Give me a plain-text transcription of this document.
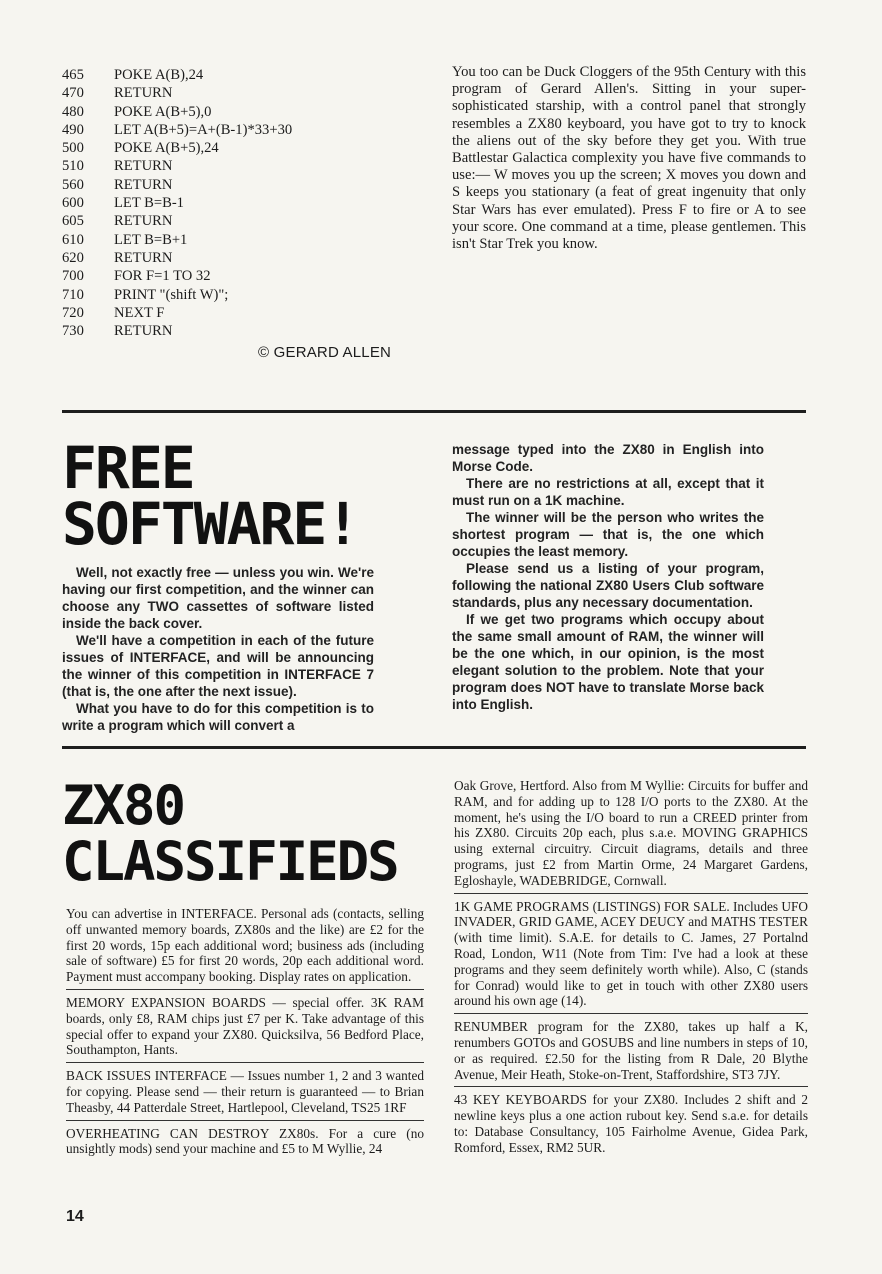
465	POKE A(B),24
470	RETURN
480	POKE A(B+5),0
490	LET A(B+5)=A+(B-1)*33+30
500	POKE A(B+5),24
510	RETURN
560	RETURN
600	LET B=B-1
605	RETURN
610	LET B=B+1
620	RETURN
700	FOR F=1 TO 32
710	PRINT "(shift W)";
720	NEXT F
730	RETURN
© GERARD ALLEN

You too can be Duck Cloggers of the 95th Century with this program of Gerard Allen's. Sitting in your super-sophisticated starship, with a control panel that strongly resembles a ZX80 keyboard, you have got to try to knock the aliens out of the sky before they get you. With true Battlestar Galactica complexity you have five commands to use:— W moves you up the screen; X moves you down and S keeps you stationary (a feat of great ingenuity that only Star Wars has ever emulated). Press F to fire or A to see your score. One command at a time, please gentlemen. This isn't Star Trek you know.

FREE
SOFTWARE!

Well, not exactly free — unless you win. We're having our first competition, and the winner can choose any TWO cassettes of software listed inside the back cover.

We'll have a competition in each of the future issues of INTERFACE, and will be announcing the winner of this competition in INTERFACE 7 (that is, the one after the next issue).

What you have to do for this competition is to write a program which will convert a

message typed into the ZX80 in English into Morse Code.

There are no restrictions at all, except that it must run on a 1K machine.

The winner will be the person who writes the shortest program — that is, the one which occupies the least memory.

Please send us a listing of your program, following the national ZX80 Users Club software standards, plus any necessary documentation.

If we get two programs which occupy about the same small amount of RAM, the winner will be the one which, in our opinion, is the most elegant solution to the problem. Note that your program does NOT have to translate Morse back into English.

ZX80
CLASSIFIEDS

You can advertise in INTERFACE. Personal ads (contacts, selling off unwanted memory boards, ZX80s and the like) are £2 for the first 20 words, 15p each additional word; business ads (including sale of software) £5 for first 20 words, 20p each additional word. Payment must accompany booking. Display rates on application.

MEMORY EXPANSION BOARDS — special offer. 3K RAM boards, only £8, RAM chips just £7 per K. Take advantage of this special offer to expand your ZX80. Quicksilva, 56 Bedford Place, Southampton, Hants.

BACK ISSUES INTERFACE — Issues number 1, 2 and 3 wanted for copying. Please send — their return is guaranteed — to Brian Theasby, 44 Patterdale Street, Hartlepool, Cleveland, TS25 1RF

OVERHEATING CAN DESTROY ZX80s. For a cure (no unsightly mods) send your machine and £5 to M Wyllie, 24

Oak Grove, Hertford. Also from M Wyllie: Circuits for buffer and RAM, and for adding up to 128 I/O ports to the ZX80. At the moment, he's using the I/O board to run a CREED printer from his ZX80. Circuits 20p each, plus s.a.e. MOVING GRAPHICS using external circuitry. Circuit diagrams, details and three programs, just £2 from Martin Orme, 24 Margaret Gardens, Egloshayle, WADEBRIDGE, Cornwall.

1K GAME PROGRAMS (LISTINGS) FOR SALE. Includes UFO INVADER, GRID GAME, ACEY DEUCY and MATHS TESTER (with time limit). S.A.E. for details to C. James, 27 Portalnd Road, London, W11 (Note from Tim: I've had a look at these programs and they seem definitely worth while). Also, C (stands for Conrad) would like to get in touch with other ZX80 users around his own age (14).

RENUMBER program for the ZX80, takes up half a K, renumbers GOTOs and GOSUBS and line numbers in steps of 10, or as required. £2.50 for the listing from R Dale, 20 Blythe Avenue, Meir Heath, Stoke-on-Trent, Staffordshire, ST3 7JY.

43 KEY KEYBOARDS for your ZX80. Includes 2 shift and 2 newline keys plus a one action rubout key. Send s.a.e. for details to: Database Consultancy, 105 Fairholme Avenue, Gidea Park, Romford, Essex, RM2 5UR.

14
